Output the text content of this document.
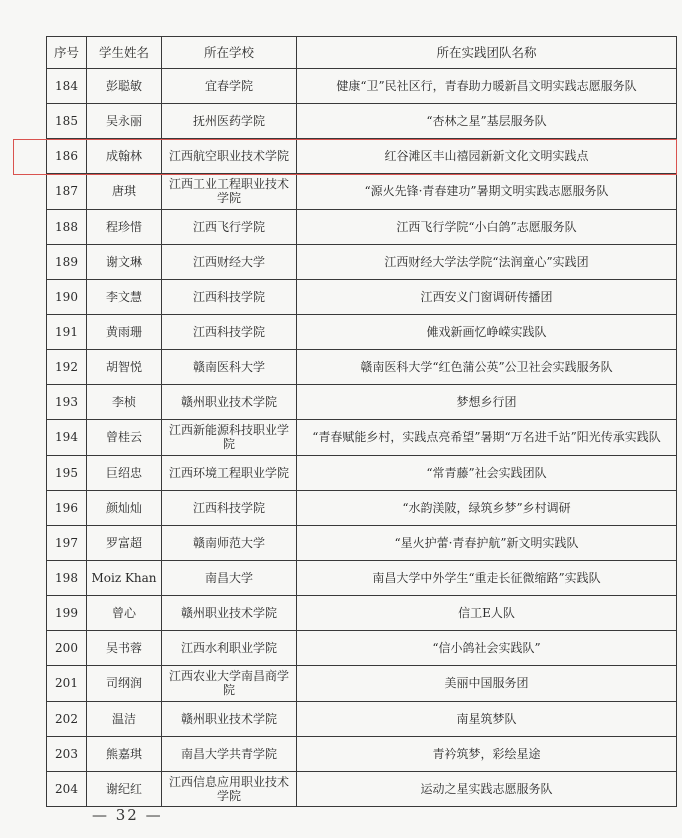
序号	学生姓名	所在学校	所在实践团队名称
184	彭聪敏	宜春学院	健康“卫”民社区行，青春助力暖新昌文明实践志愿服务队
185	吴永丽	抚州医药学院	“杏林之星”基层服务队
186	成翰林	江西航空职业技术学院	红谷滩区丰山禧园新新文化文明实践点
187	唐琪	江西工业工程职业技术学院	“源火先锋·青春建功”暑期文明实践志愿服务队
188	程珍惜	江西飞行学院	江西飞行学院“小白鸽”志愿服务队
189	谢文琳	江西财经大学	江西财经大学法学院“法润童心”实践团
190	李文慧	江西科技学院	江西安义门窗调研传播团
191	黄雨珊	江西科技学院	傩戏新画忆峥嵘实践队
192	胡智悦	赣南医科大学	赣南医科大学“红色蒲公英”公卫社会实践服务队
193	李桢	赣州职业技术学院	梦想乡行团
194	曾桂云	江西新能源科技职业学院	“青春赋能乡村，实践点亮希望”暑期“万名进千站”阳光传承实践队
195	巨绍忠	江西环境工程职业学院	“常青藤”社会实践团队
196	颜灿灿	江西科技学院	“水韵渼陂，绿筑乡梦”乡村调研
197	罗富超	赣南师范大学	“星火护蕾·青春护航”新文明实践队
198	Moiz Khan	南昌大学	南昌大学中外学生“重走长征微缩路”实践队
199	曾心	赣州职业技术学院	信工E人队
200	吴书蓉	江西水利职业学院	“信小鸽社会实践队”
201	司纲润	江西农业大学南昌商学院	美丽中国服务团
202	温洁	赣州职业技术学院	南星筑梦队
203	熊嘉琪	南昌大学共青学院	青衿筑梦，彩绘星途
204	谢纪红	江西信息应用职业技术学院	运动之星实践志愿服务队
— 32 —
